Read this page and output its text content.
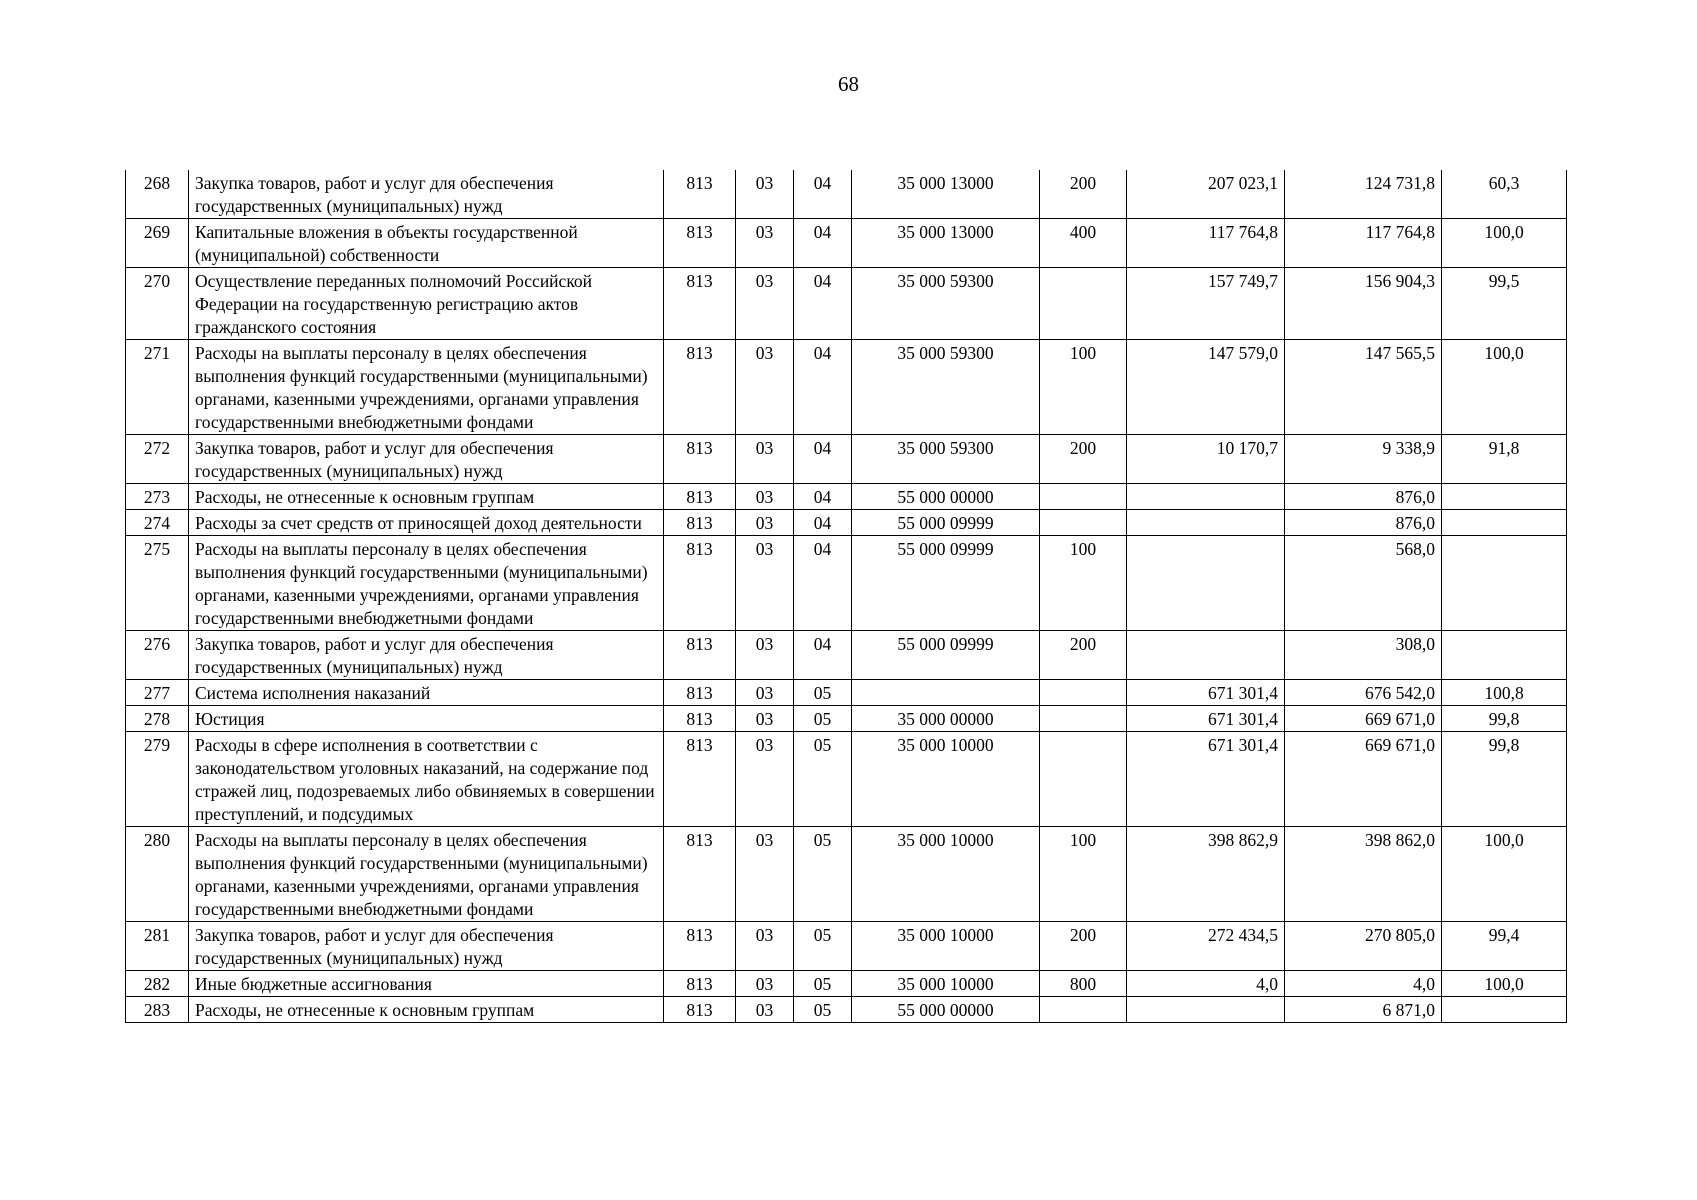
68
268	Закупка товаров, работ и услуг для обеспечения государственных (муниципальных) нужд	813	03	04	35 000 13000	200	207 023,1	124 731,8	60,3
269	Капитальные вложения в объекты государственной (муниципальной) собственности	813	03	04	35 000 13000	400	117 764,8	117 764,8	100,0
270	Осуществление переданных полномочий Российской Федерации на государственную регистрацию актов гражданского состояния	813	03	04	35 000 59300		157 749,7	156 904,3	99,5
271	Расходы на выплаты персоналу в целях обеспечения выполнения функций государственными (муниципальными) органами, казенными учреждениями, органами управления государственными внебюджетными фондами	813	03	04	35 000 59300	100	147 579,0	147 565,5	100,0
272	Закупка товаров, работ и услуг для обеспечения государственных (муниципальных) нужд	813	03	04	35 000 59300	200	10 170,7	9 338,9	91,8
273	Расходы, не отнесенные к основным группам	813	03	04	55 000 00000			876,0	
274	Расходы за счет средств от приносящей доход деятельности	813	03	04	55 000 09999			876,0	
275	Расходы на выплаты персоналу в целях обеспечения выполнения функций государственными (муниципальными) органами, казенными учреждениями, органами управления государственными внебюджетными фондами	813	03	04	55 000 09999	100		568,0	
276	Закупка товаров, работ и услуг для обеспечения государственных (муниципальных) нужд	813	03	04	55 000 09999	200		308,0	
277	Система исполнения наказаний	813	03	05			671 301,4	676 542,0	100,8
278	Юстиция	813	03	05	35 000 00000		671 301,4	669 671,0	99,8
279	Расходы в сфере исполнения в соответствии с законодательством уголовных наказаний, на содержание под стражей лиц, подозреваемых либо обвиняемых в совершении преступлений, и подсудимых	813	03	05	35 000 10000		671 301,4	669 671,0	99,8
280	Расходы на выплаты персоналу в целях обеспечения выполнения функций государственными (муниципальными) органами, казенными учреждениями, органами управления государственными внебюджетными фондами	813	03	05	35 000 10000	100	398 862,9	398 862,0	100,0
281	Закупка товаров, работ и услуг для обеспечения государственных (муниципальных) нужд	813	03	05	35 000 10000	200	272 434,5	270 805,0	99,4
282	Иные бюджетные ассигнования	813	03	05	35 000 10000	800	4,0	4,0	100,0
283	Расходы, не отнесенные к основным группам	813	03	05	55 000 00000			6 871,0	
